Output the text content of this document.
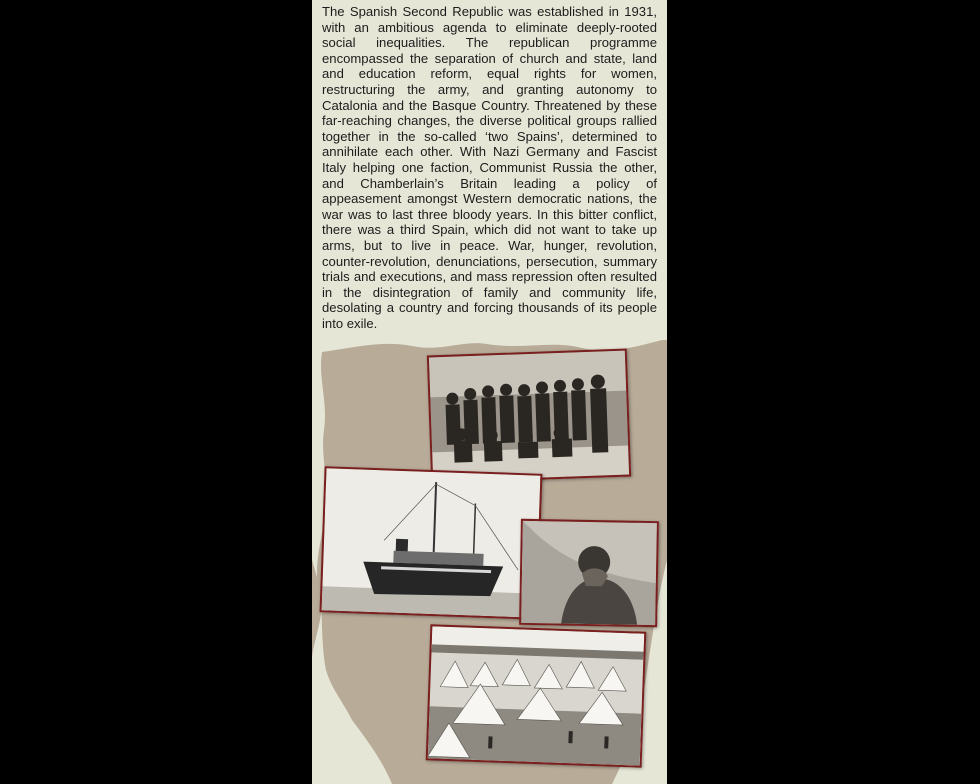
The Spanish Second Republic was established in 1931, with an ambitious agenda to eliminate deeply-rooted social inequalities. The republican programme encompassed the separation of church and state, land and education reform, equal rights for women, restructuring the army, and granting autonomy to Catalonia and the Basque Country. Threatened by these far-reaching changes, the diverse political groups rallied together in the so-called ‘two Spains’, determined to annihilate each other. With Nazi Germany and Fascist Italy helping one faction, Communist Russia the other, and Chamberlain’s Britain leading a policy of appeasement amongst Western democratic nations, the war was to last three bloody years. In this bitter conflict, there was a third Spain, which did not want to take up arms, but to live in peace. War, hunger, revolution, counter-revolution, denunciations, persecution, summary trials and executions, and mass repression often resulted in the disintegration of family and community life, desolating a country and forcing thousands of its people into exile.
